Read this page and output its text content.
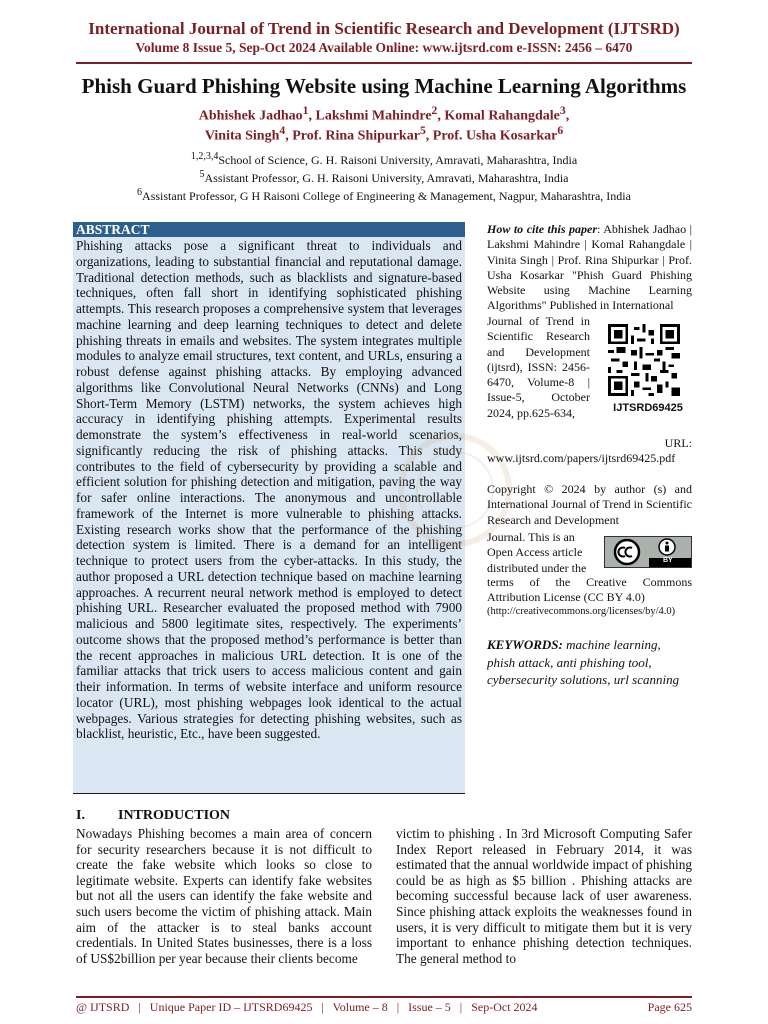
International Journal of Trend in Scientific Research and Development (IJTSRD)
Volume 8 Issue 5, Sep-Oct 2024 Available Online: www.ijtsrd.com e-ISSN: 2456 – 6470
Phish Guard Phishing Website using Machine Learning Algorithms
Abhishek Jadhao$^1$, Lakshmi Mahindre$^2$, Komal Rahangdale$^3$,
Vinita Singh$^4$, Prof. Rina Shipurkar$^5$, Prof. Usha Kosarkar$^6$
$^{1,2,3,4}$School of Science, G. H. Raisoni University, Amravati, Maharashtra, India
$^5$Assistant Professor, G. H. Raisoni University, Amravati, Maharashtra, India
$^6$Assistant Professor, G H Raisoni College of Engineering & Management, Nagpur, Maharashtra, India
ABSTRACT
Phishing attacks pose a significant threat to individuals and organizations, leading to substantial financial and reputational damage. Traditional detection methods, such as blacklists and signature-based techniques, often fall short in identifying sophisticated phishing attempts. This research proposes a comprehensive system that leverages machine learning and deep learning techniques to detect and delete phishing threats in emails and websites. The system integrates multiple modules to analyze email structures, text content, and URLs, ensuring a robust defense against phishing attacks. By employing advanced algorithms like Convolutional Neural Networks (CNNs) and Long Short-Term Memory (LSTM) networks, the system achieves high accuracy in identifying phishing attempts. Experimental results demonstrate the system’s effectiveness in real-world scenarios, significantly reducing the risk of phishing attacks. This study contributes to the field of cybersecurity by providing a scalable and efficient solution for phishing detection and mitigation, paving the way for safer online interactions. The anonymous and uncontrollable framework of the Internet is more vulnerable to phishing attacks. Existing research works show that the performance of the phishing detection system is limited. There is a demand for an intelligent technique to protect users from the cyber-attacks. In this study, the author proposed a URL detection technique based on machine learning approaches. A recurrent neural network method is employed to detect phishing URL. Researcher evaluated the proposed method with 7900 malicious and 5800 legitimate sites, respectively. The experiments’ outcome shows that the proposed method’s performance is better than the recent approaches in malicious URL detection. It is one of the familiar attacks that trick users to access malicious content and gain their information. In terms of website interface and uniform resource locator (URL), most phishing webpages look identical to the actual webpages. Various strategies for detecting phishing websites, such as blacklist, heuristic, Etc., have been suggested.
How to cite this paper: Abhishek Jadhao | Lakshmi Mahindre | Komal Rahangdale | Vinita Singh | Prof. Rina Shipurkar | Prof. Usha Kosarkar "Phish Guard Phishing Website using Machine Learning Algorithms" Published in International
Journal of Trend in Scientific Research and Development (ijtsrd), ISSN: 2456-6470, Volume-8 | Issue-5, October 2024, pp.625-634,
URL:
www.ijtsrd.com/papers/ijtsrd69425.pdf
IJTSRD69425
Copyright © 2024 by author (s) and International Journal of Trend in Scientific Research and Development
Journal. This is an Open Access article distributed under the
BY
terms of the Creative Commons Attribution License (CC BY 4.0)
(http://creativecommons.org/licenses/by/4.0)
KEYWORDS: machine learning, phish attack, anti phishing tool, cybersecurity solutions, url scanning
I. INTRODUCTION
Nowadays Phishing becomes a main area of concern for security researchers because it is not difficult to create the fake website which looks so close to legitimate website. Experts can identify fake websites but not all the users can identify the fake website and such users become the victim of phishing attack. Main aim of the attacker is to steal banks account credentials. In United States businesses, there is a loss of US$2billion per year because their clients become
victim to phishing . In 3rd Microsoft Computing Safer Index Report released in February 2014, it was estimated that the annual worldwide impact of phishing could be as high as $5 billion . Phishing attacks are becoming successful because lack of user awareness. Since phishing attack exploits the weaknesses found in users, it is very difficult to mitigate them but it is very important to enhance phishing detection techniques. The general method to
@ IJTSRD   |   Unique Paper ID – IJTSRD69425   |   Volume – 8   |   Issue – 5   |   Sep-Oct 2024	Page 625
